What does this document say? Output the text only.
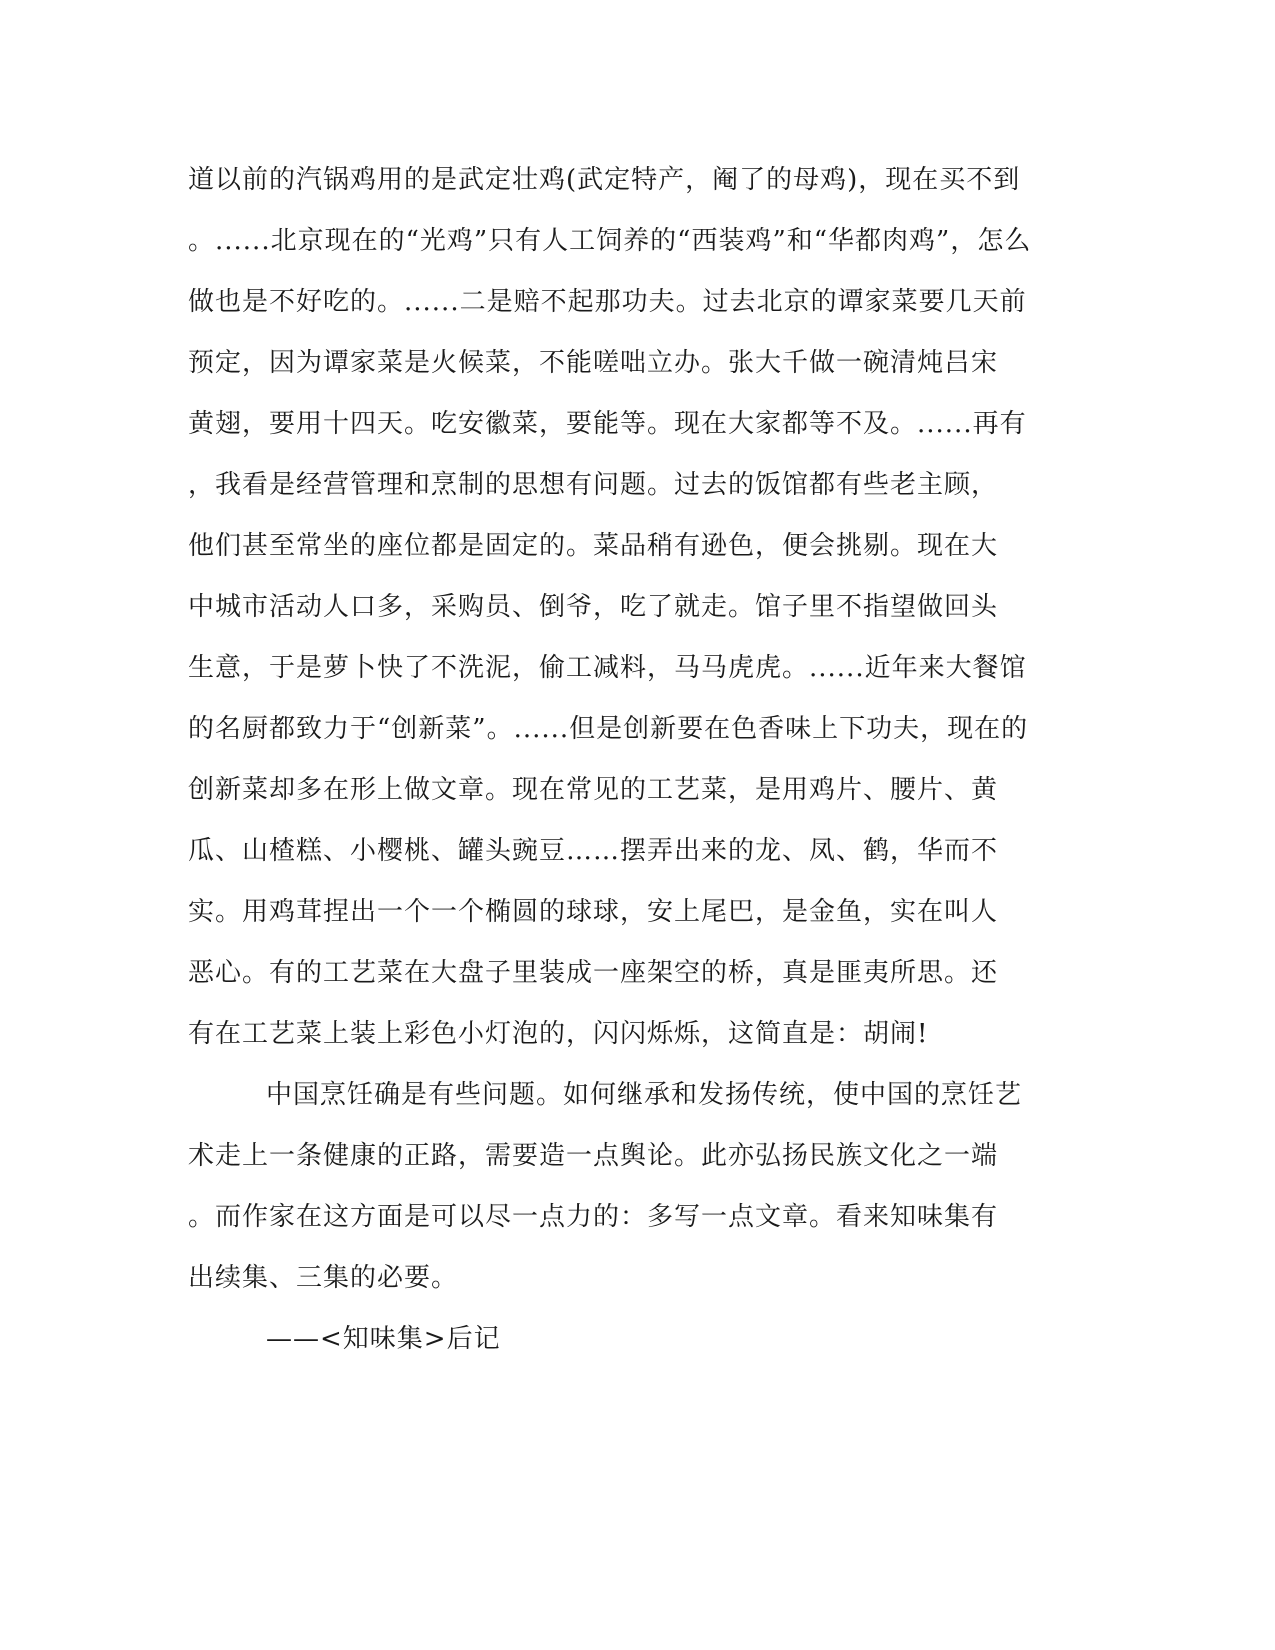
道以前的汽锅鸡用的是武定壮鸡(武定特产，阉了的母鸡)，现在买不到
。......北京现在的“光鸡”只有人工饲养的“西装鸡”和“华都肉鸡”，怎么
做也是不好吃的。......二是赔不起那功夫。过去北京的谭家菜要几天前
预定，因为谭家菜是火候菜，不能嗟咄立办。张大千做一碗清炖吕宋
黄翅，要用十四天。吃安徽菜，要能等。现在大家都等不及。......再有
，我看是经营管理和烹制的思想有问题。过去的饭馆都有些老主顾，
他们甚至常坐的座位都是固定的。菜品稍有逊色，便会挑剔。现在大
中城市活动人口多，采购员、倒爷，吃了就走。馆子里不指望做回头
生意，于是萝卜快了不洗泥，偷工减料，马马虎虎。......近年来大餐馆
的名厨都致力于“创新菜”。......但是创新要在色香味上下功夫，现在的
创新菜却多在形上做文章。现在常见的工艺菜，是用鸡片、腰片、黄
瓜、山楂糕、小樱桃、罐头豌豆……摆弄出来的龙、凤、鹤，华而不
实。用鸡茸捏出一个一个椭圆的球球，安上尾巴，是金鱼，实在叫人
恶心。有的工艺菜在大盘子里装成一座架空的桥，真是匪夷所思。还
有在工艺菜上装上彩色小灯泡的，闪闪烁烁，这简直是：胡闹!
中国烹饪确是有些问题。如何继承和发扬传统，使中国的烹饪艺
术走上一条健康的正路，需要造一点舆论。此亦弘扬民族文化之一端
。而作家在这方面是可以尽一点力的：多写一点文章。看来知味集有
出续集、三集的必要。
——<知味集>后记
